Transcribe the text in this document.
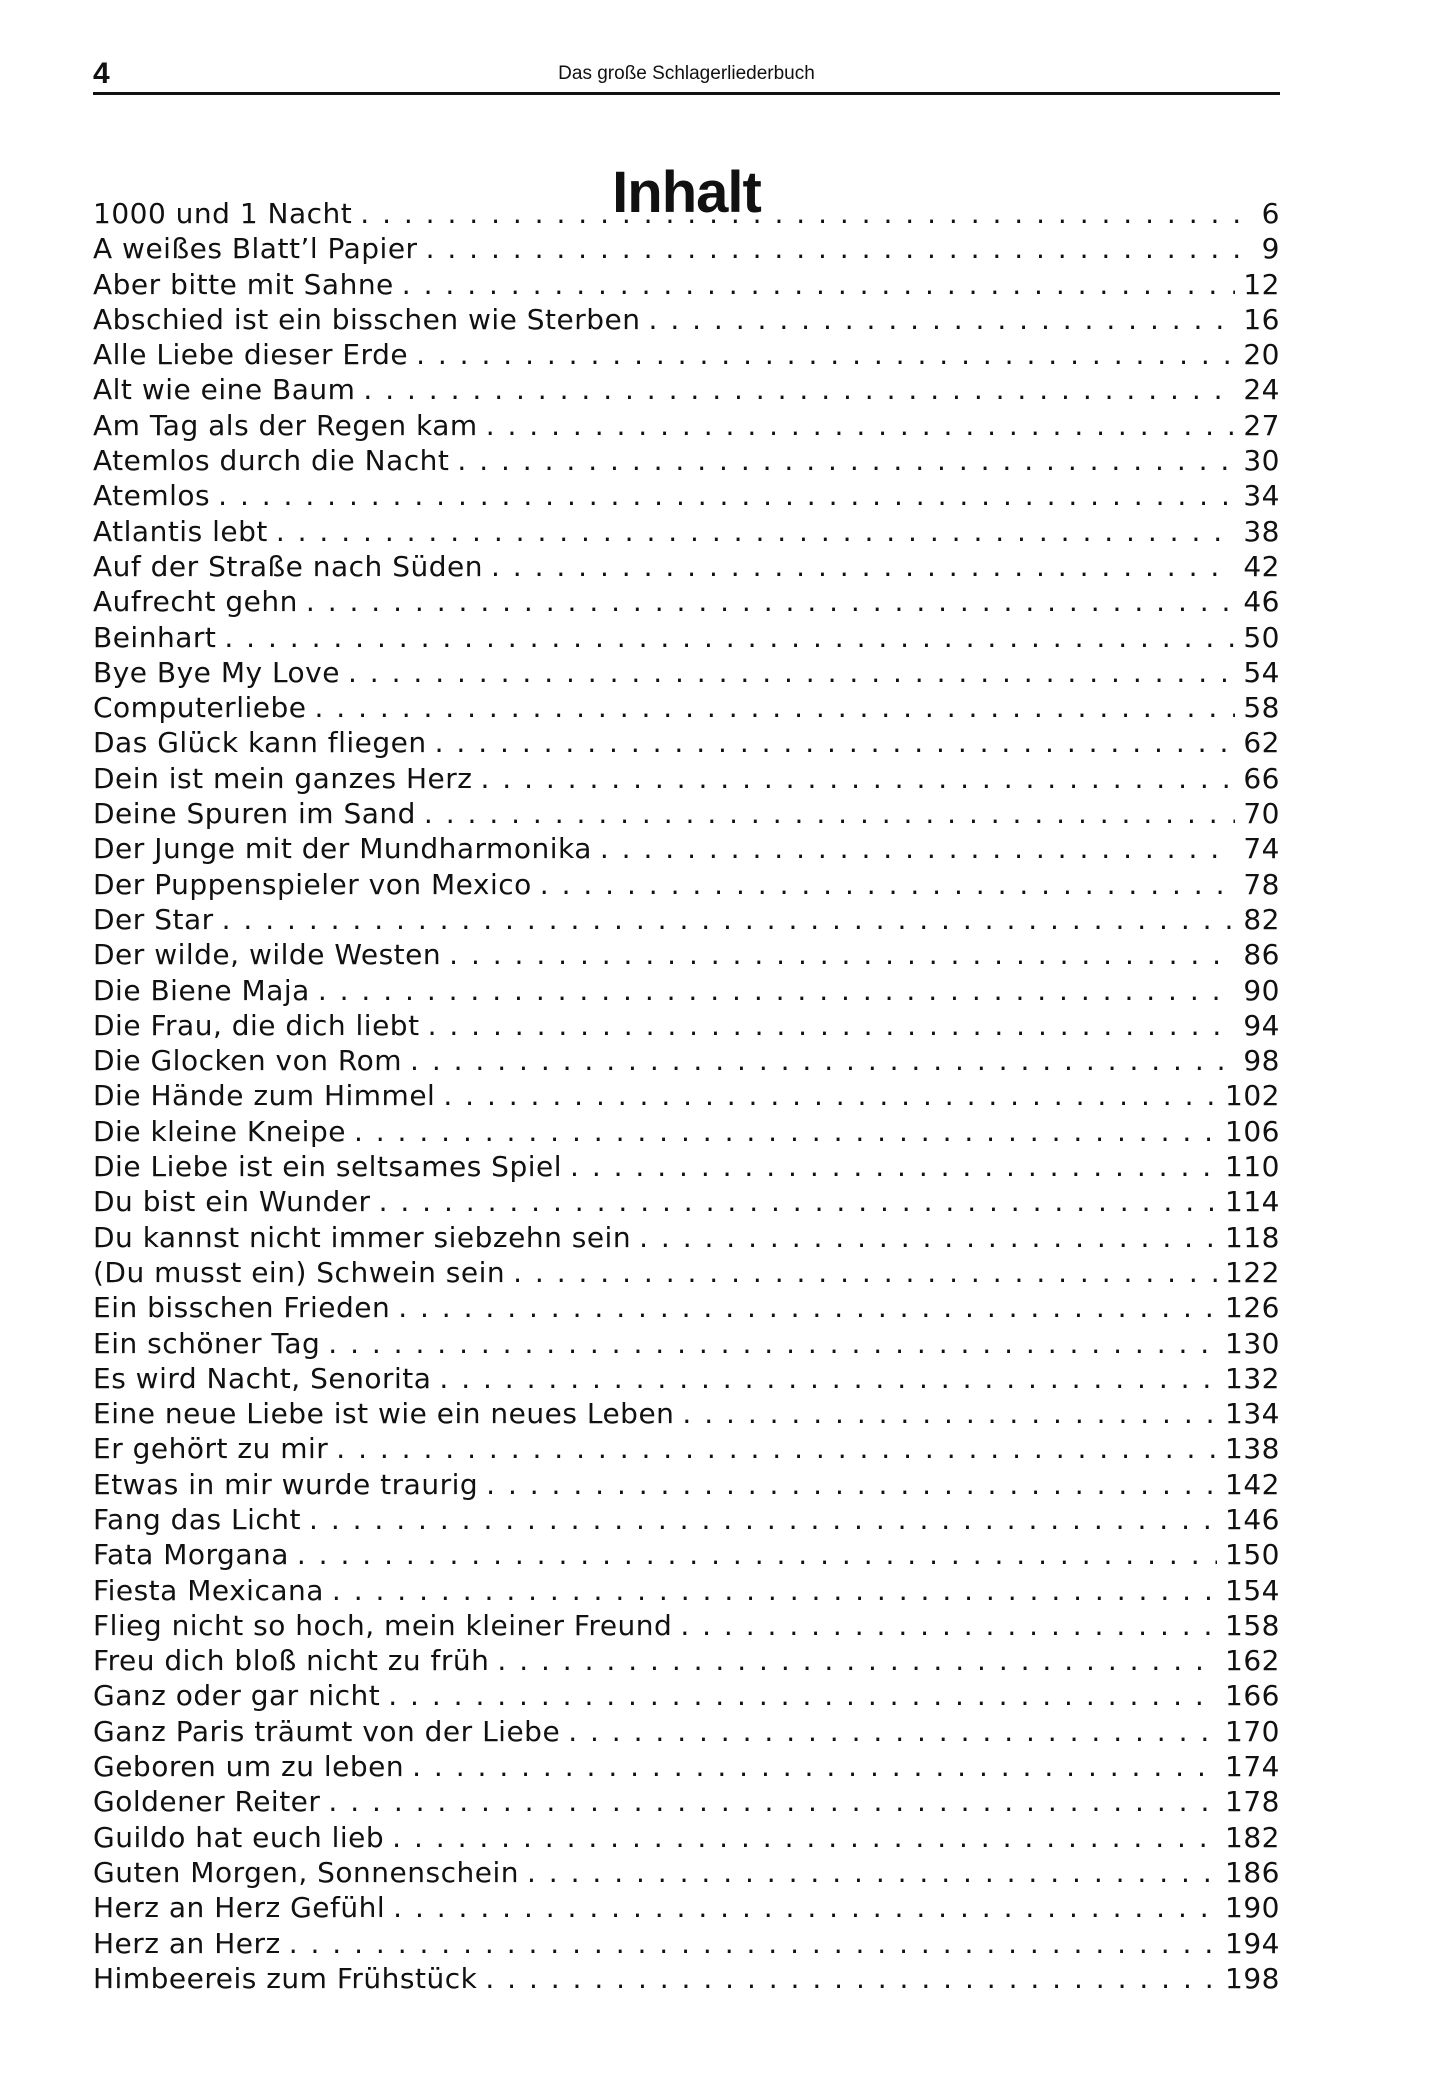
4	Das große Schlagerliederbuch
Inhalt
1000 und 1 Nacht . . .	6
A weißes Blatt’l Papier . . .	9
Aber bitte mit Sahne . . .	12
Abschied ist ein bisschen wie Sterben . . .	16
Alle Liebe dieser Erde . . .	20
Alt wie eine Baum . . .	24
Am Tag als der Regen kam . . .	27
Atemlos durch die Nacht . . .	30
Atemlos . . .	34
Atlantis lebt . . .	38
Auf der Straße nach Süden . . .	42
Aufrecht gehn . . .	46
Beinhart . . .	50
Bye Bye My Love . . .	54
Computerliebe . . .	58
Das Glück kann fliegen . . .	62
Dein ist mein ganzes Herz . . .	66
Deine Spuren im Sand . . .	70
Der Junge mit der Mundharmonika . . .	74
Der Puppenspieler von Mexico . . .	78
Der Star . . .	82
Der wilde, wilde Westen . . .	86
Die Biene Maja . . .	90
Die Frau, die dich liebt . . .	94
Die Glocken von Rom . . .	98
Die Hände zum Himmel . . .	102
Die kleine Kneipe . . .	106
Die Liebe ist ein seltsames Spiel . . .	110
Du bist ein Wunder . . .	114
Du kannst nicht immer siebzehn sein . . .	118
(Du musst ein) Schwein sein . . .	122
Ein bisschen Frieden . . .	126
Ein schöner Tag . . .	130
Es wird Nacht, Senorita . . .	132
Eine neue Liebe ist wie ein neues Leben . . .	134
Er gehört zu mir . . .	138
Etwas in mir wurde traurig . . .	142
Fang das Licht . . .	146
Fata Morgana . . .	150
Fiesta Mexicana . . .	154
Flieg nicht so hoch, mein kleiner Freund . . .	158
Freu dich bloß nicht zu früh . . .	162
Ganz oder gar nicht . . .	166
Ganz Paris träumt von der Liebe . . .	170
Geboren um zu leben . . .	174
Goldener Reiter . . .	178
Guildo hat euch lieb . . .	182
Guten Morgen, Sonnenschein . . .	186
Herz an Herz Gefühl . . .	190
Herz an Herz . . .	194
Himbeereis zum Frühstück . . .	198
